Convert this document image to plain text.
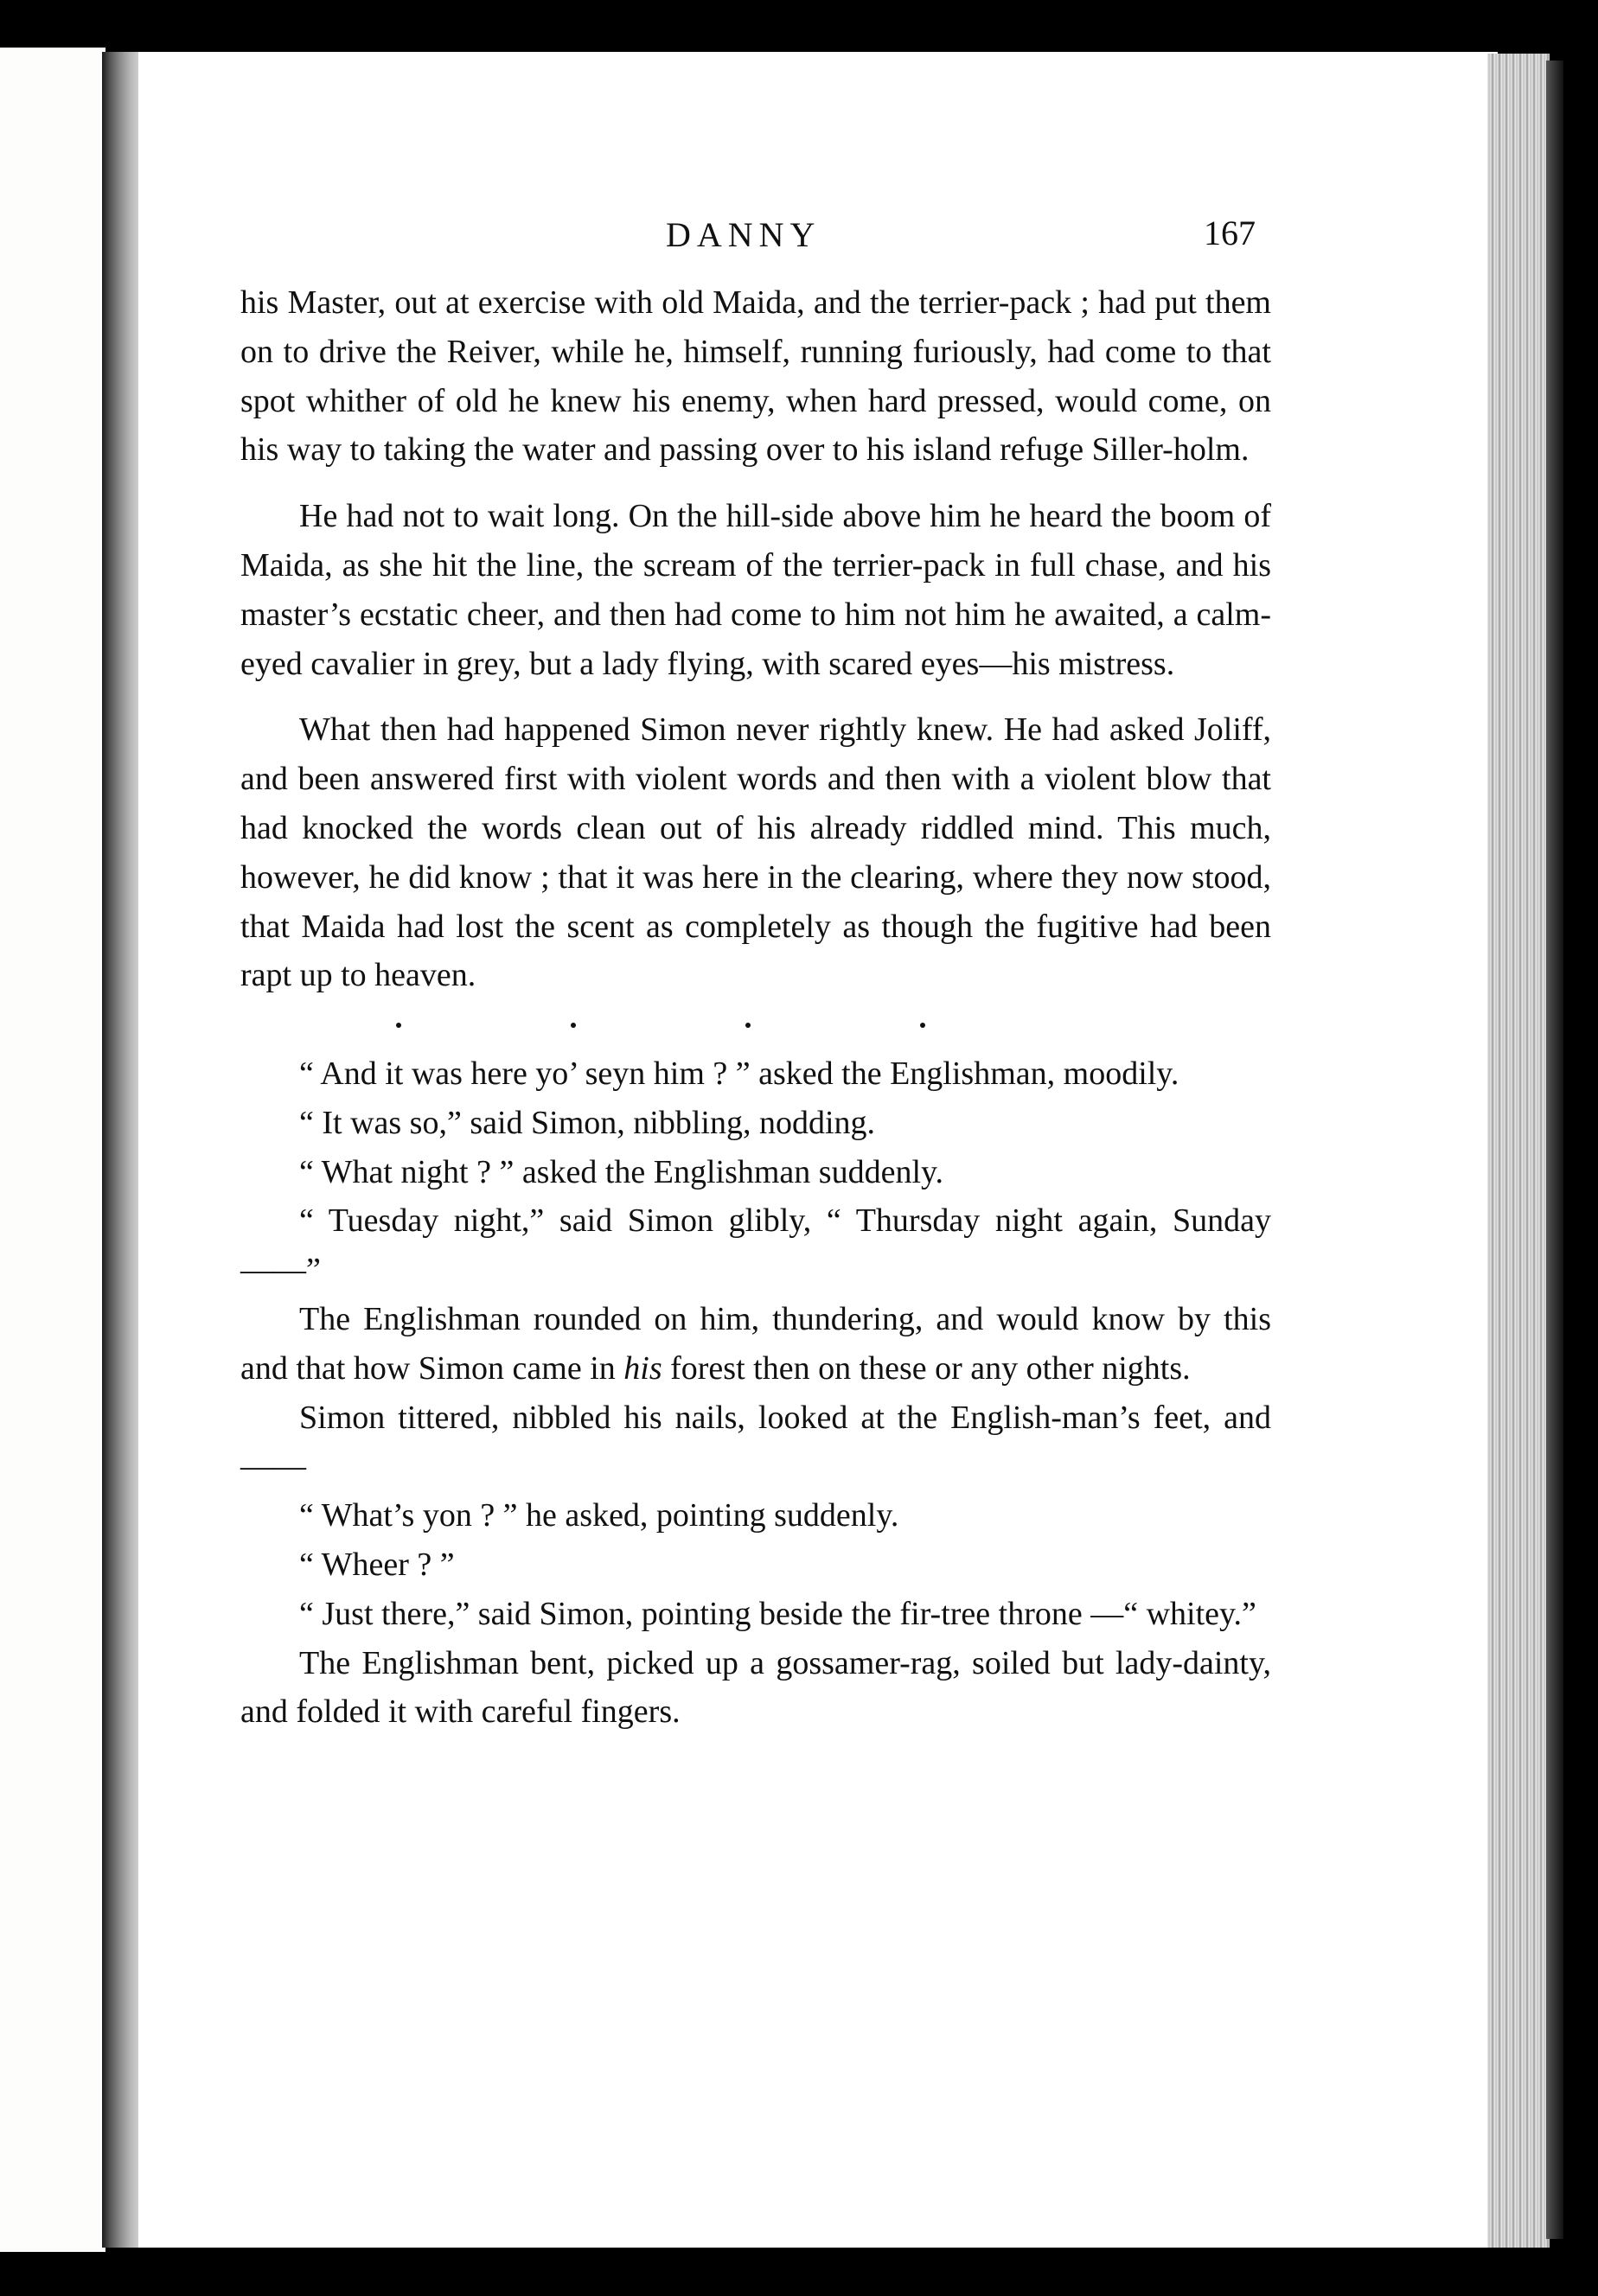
DANNY	167

his Master, out at exercise with old Maida, and the terrier-pack ; had put them on to drive the Reiver, while he, himself, running furiously, had come to that spot whither of old he knew his enemy, when hard pressed, would come, on his way to taking the water and passing over to his island refuge Siller-holm.

He had not to wait long. On the hill-side above him he heard the boom of Maida, as she hit the line, the scream of the terrier-pack in full chase, and his master’s ecstatic cheer, and then had come to him not him he awaited, a calm-eyed cavalier in grey, but a lady flying, with scared eyes—his mistress.

What then had happened Simon never rightly knew. He had asked Joliff, and been answered first with violent words and then with a violent blow that had knocked the words clean out of his already riddled mind. This much, however, he did know ; that it was here in the clearing, where they now stood, that Maida had lost the scent as completely as though the fugitive had been rapt up to heaven.

“ And it was here yo’ seyn him ? ” asked the Englishman, moodily.

“ It was so,” said Simon, nibbling, nodding.

“ What night ? ” asked the Englishman suddenly.

“ Tuesday night,” said Simon glibly, “ Thursday night again, Sunday——”

The Englishman rounded on him, thundering, and would know by this and that how Simon came in his forest then on these or any other nights.

Simon tittered, nibbled his nails, looked at the English-man’s feet, and——

“ What’s yon ? ” he asked, pointing suddenly.

“ Wheer ? ”

“ Just there,” said Simon, pointing beside the fir-tree throne —“ whitey.”

The Englishman bent, picked up a gossamer-rag, soiled but lady-dainty, and folded it with careful fingers.
